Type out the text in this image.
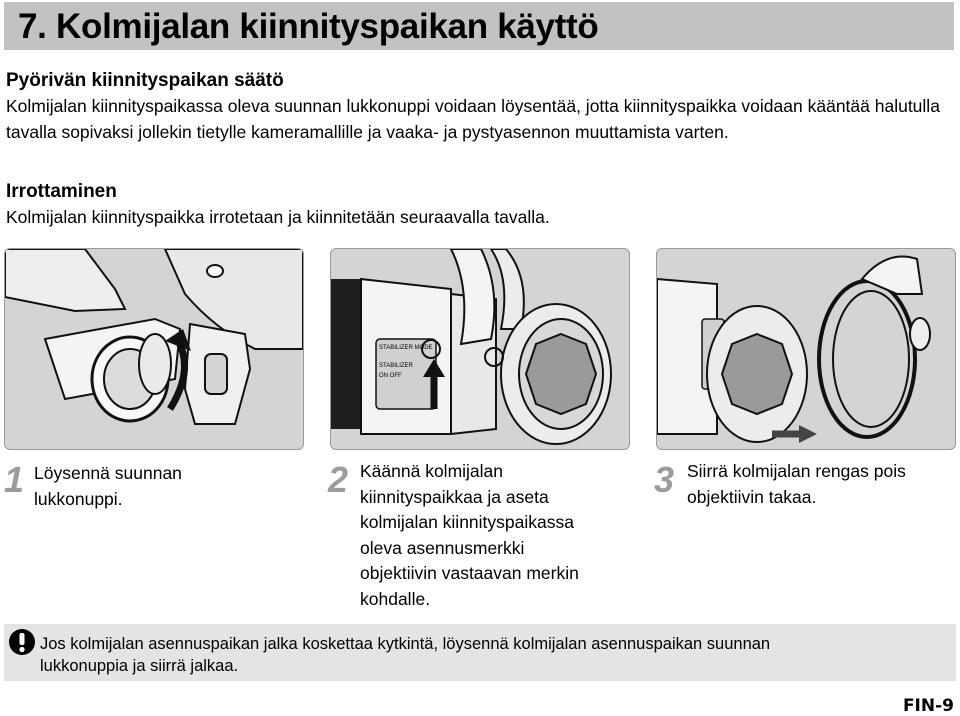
7. Kolmijalan kiinnityspaikan käyttö
Pyörivän kiinnityspaikan säätö
Kolmijalan kiinnityspaikassa oleva suunnan lukkonuppi voidaan löysentää, jotta kiinnityspaikka voidaan kääntää halutulla tavalla sopivaksi jollekin tietylle kameramallille ja vaaka- ja pystyasennon muuttamista varten.
Irrottaminen
Kolmijalan kiinnityspaikka irrotetaan ja kiinnitetään seuraavalla tavalla.
STABILIZER MODE
STABILIZER
ON OFF
1 Löysennä suunnan
lukkonuppi.	2 Käännä kolmijalan
kiinnityspaikkaa ja aseta
kolmijalan kiinnityspaikassa
oleva asennusmerkki
objektiivin vastaavan merkin
kohdalle.
3 Siirrä kolmijalan rengas pois
objektiivin takaa.
Jos kolmijalan asennuspaikan jalka koskettaa kytkintä, löysennä kolmijalan asennuspaikan suunnan
lukkonuppia ja siirrä jalkaa.
FIN-9
